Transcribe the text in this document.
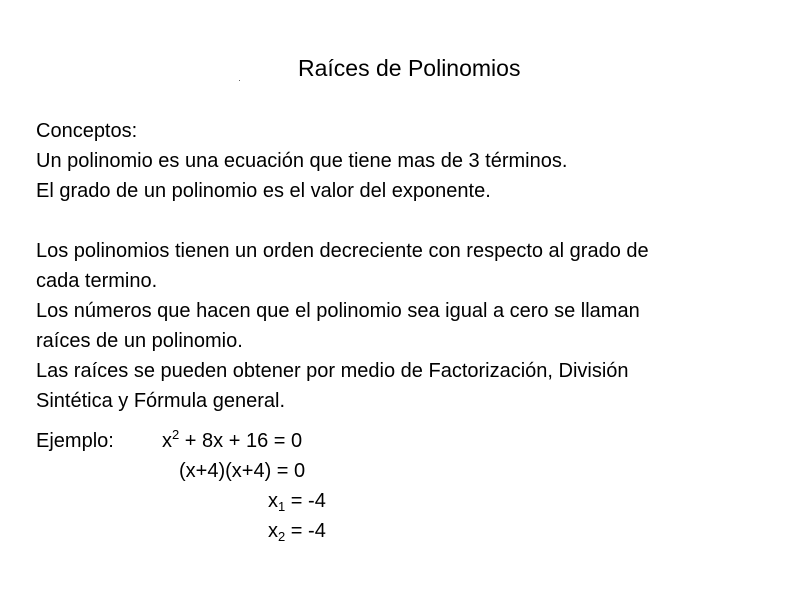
Raíces de Polinomios
Conceptos:
Un polinomio es una ecuación que tiene mas de 3 términos.
El grado de un polinomio es el valor del exponente.
Los polinomios tienen un orden decreciente con respecto al grado de
cada termino.
Los números que hacen que el polinomio sea igual a cero se llaman
raíces de un polinomio.
Las raíces se pueden obtener por medio de Factorización, División
Sintética y Fórmula general.
Ejemplo: $x^2 + 8x + 16 = 0$
(x+4)(x+4) = 0
$x_1 = -4$
$x_2 = -4$
